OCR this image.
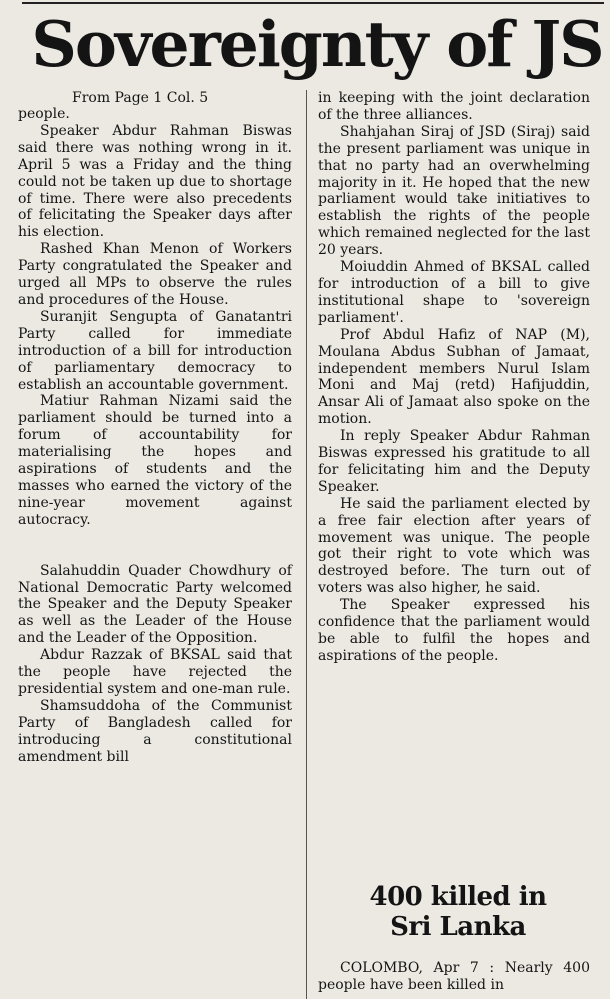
Sovereignty of JS
From Page 1 Col. 5

people.

Speaker Abdur Rahman Biswas said there was nothing wrong in it. April 5 was a Friday and the thing could not be taken up due to shortage of time. There were also precedents of felicitating the Speaker days after his election.

Rashed Khan Menon of Workers Party congratulated the Speaker and urged all MPs to observe the rules and procedures of the House.

Suranjit Sengupta of Ganatantri Party called for immediate introduction of a bill for introduction of parliamentary democracy to establish an accountable government.

Matiur Rahman Nizami said the parliament should be turned into a forum of accountability for materialising the hopes and aspirations of students and the masses who earned the victory of the nine-year movement against autocracy.

Salahuddin Quader Chowdhury of National Democratic Party welcomed the Speaker and the Deputy Speaker as well as the Leader of the House and the Leader of the Opposition.

Abdur Razzak of BKSAL said that the people have rejected the presidential system and one-man rule.

Shamsuddoha of the Communist Party of Bangladesh called for introducing a constitutional amendment bill

in keeping with the joint declaration of the three alliances.

Shahjahan Siraj of JSD (Siraj) said the present parliament was unique in that no party had an overwhelming majority in it. He hoped that the new parliament would take initiatives to establish the rights of the people which remained neglected for the last 20 years.

Moiuddin Ahmed of BKSAL called for introduction of a bill to give institutional shape to 'sovereign parliament'.

Prof Abdul Hafiz of NAP (M), Moulana Abdus Subhan of Jamaat, independent members Nurul Islam Moni and Maj (retd) Hafijuddin, Ansar Ali of Jamaat also spoke on the motion.

In reply Speaker Abdur Rahman Biswas expressed his gratitude to all for felicitating him and the Deputy Speaker.

He said the parliament elected by a free fair election after years of movement was unique. The people got their right to vote which was destroyed before. The turn out of voters was also higher, he said.

The Speaker expressed his confidence that the parliament would be able to fulfil the hopes and aspirations of the people.

400 killed in
Sri Lanka

COLOMBO, Apr 7 : Nearly 400 people have been killed in
